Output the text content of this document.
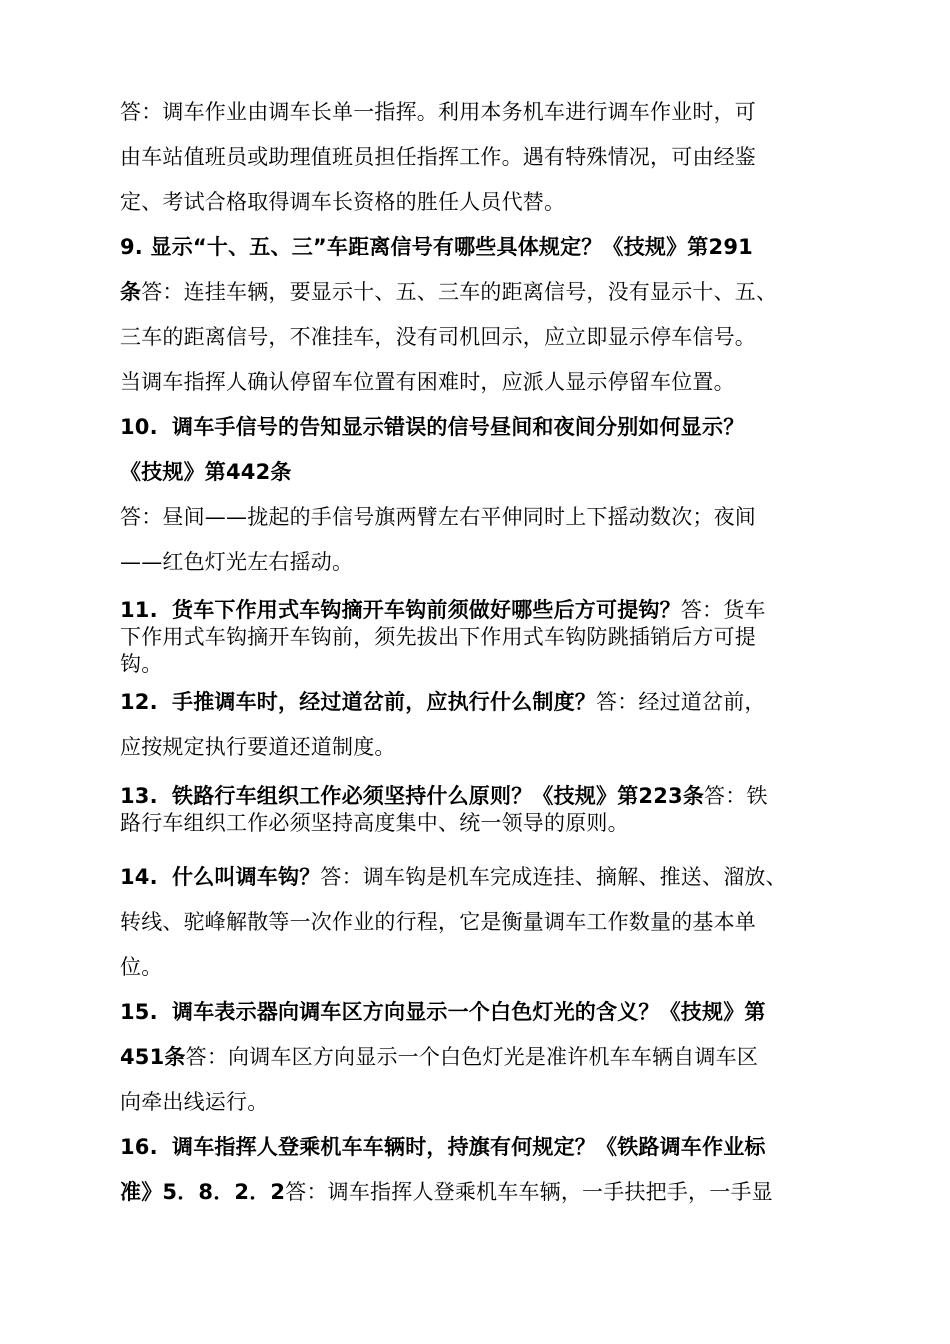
答：调车作业由调车长单一指挥。利用本务机车进行调车作业时，可
由车站值班员或助理值班员担任指挥工作。遇有特殊情况，可由经鉴
定、考试合格取得调车长资格的胜任人员代替。
9. 显示“十、五、三”车距离信号有哪些具体规定？《技规》第291
条答：连挂车辆，要显示十、五、三车的距离信号，没有显示十、五、
三车的距离信号，不准挂车，没有司机回示，应立即显示停车信号。
当调车指挥人确认停留车位置有困难时，应派人显示停留车位置。
10. 调车手信号的告知显示错误的信号昼间和夜间分别如何显示？
《技规》第442条
答：昼间——拢起的手信号旗两臂左右平伸同时上下摇动数次；夜间
——红色灯光左右摇动。
11. 货车下作用式车钩摘开车钩前须做好哪些后方可提钩？答：货车
下作用式车钩摘开车钩前，须先拔出下作用式车钩防跳插销后方可提
钩。
12. 手推调车时，经过道岔前，应执行什么制度？答：经过道岔前，
应按规定执行要道还道制度。
13. 铁路行车组织工作必须坚持什么原则？《技规》第223条答：铁
路行车组织工作必须坚持高度集中、统一领导的原则。
14. 什么叫调车钩？答：调车钩是机车完成连挂、摘解、推送、溜放、
转线、驼峰解散等一次作业的行程，它是衡量调车工作数量的基本单
位。
15. 调车表示器向调车区方向显示一个白色灯光的含义？《技规》第
451条答：向调车区方向显示一个白色灯光是准许机车车辆自调车区
向牵出线运行。
16. 调车指挥人登乘机车车辆时，持旗有何规定？《铁路调车作业标
准》5．8．2．2答：调车指挥人登乘机车车辆，一手扶把手，一手显
